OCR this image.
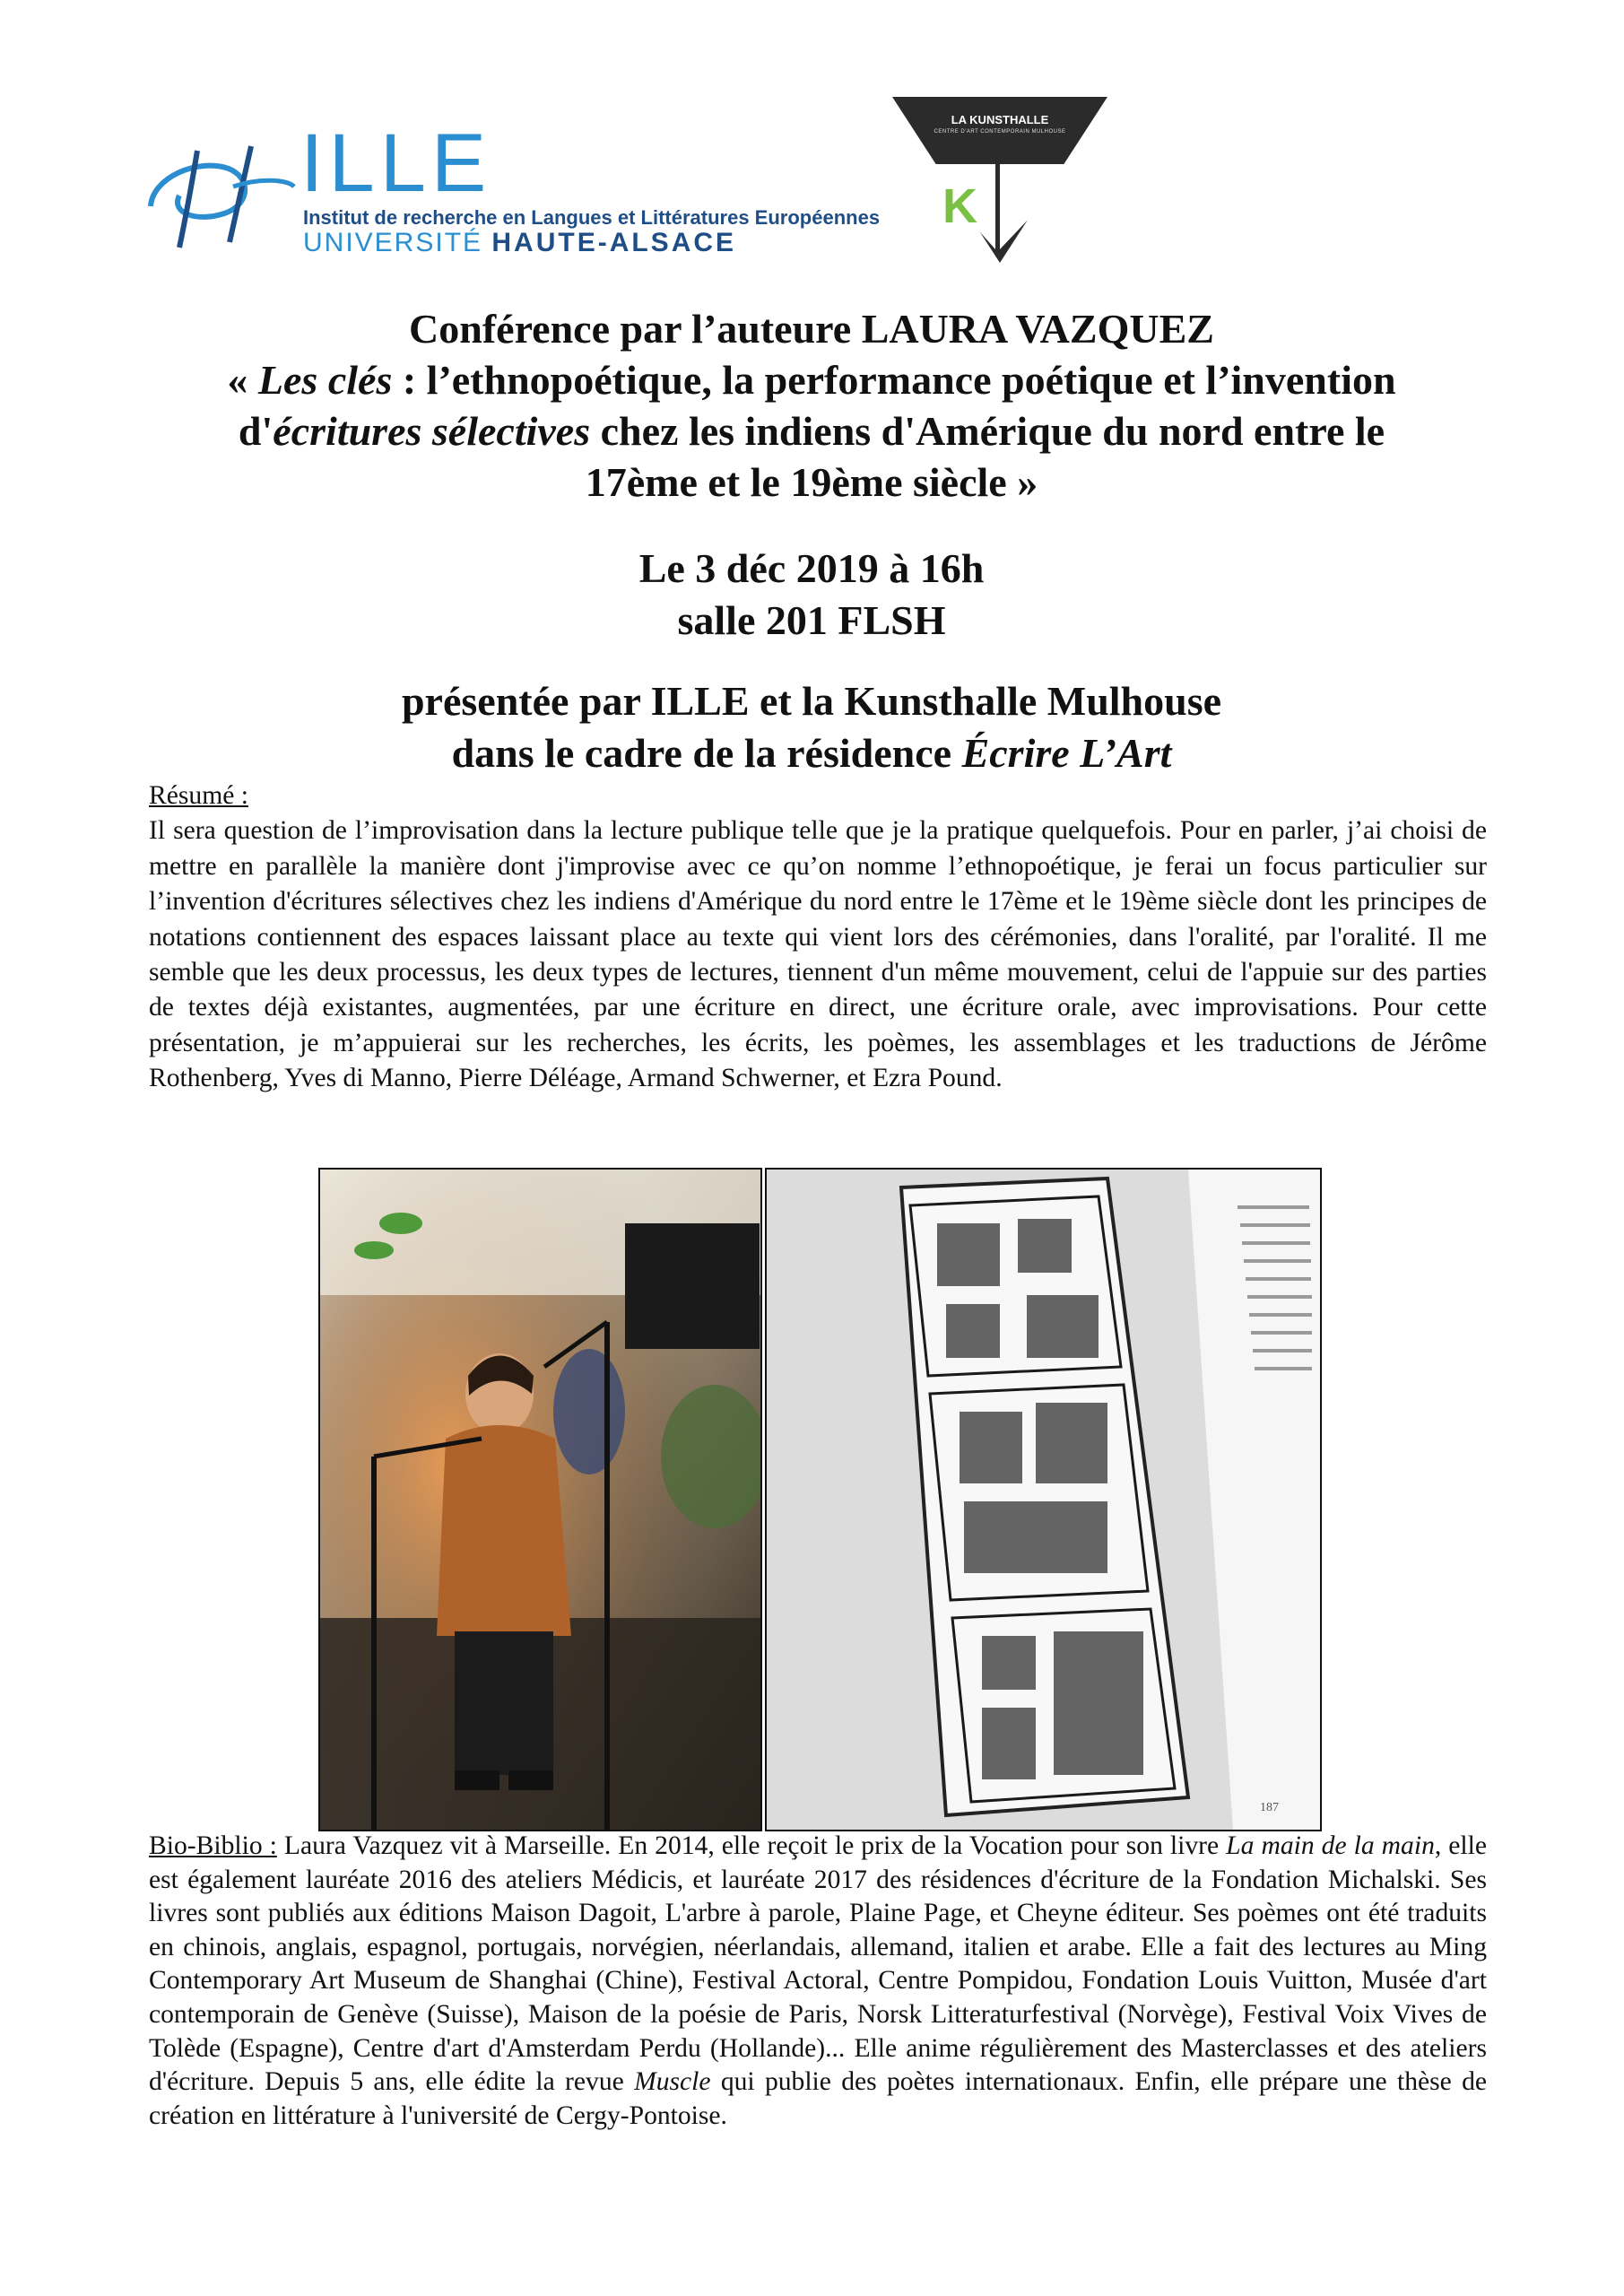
ILLE
Institut de recherche en Langues et Littératures Européennes
UNIVERSITÉ HAUTE-ALSACE
K
LA KUNSTHALLE
CENTRE D'ART CONTEMPORAIN MULHOUSE

Conférence par l’auteure LAURA VAZQUEZ

« Les clés : l’ethnopoétique, la performance poétique et l’invention

d'écritures sélectives chez les indiens d'Amérique du nord entre le

17ème et le 19ème siècle »

Le 3 déc 2019 à 16h

salle 201 FLSH

présentée par ILLE et la Kunsthalle Mulhouse

dans le cadre de la résidence Écrire L’Art

Résumé :

Il sera question de l’improvisation dans la lecture publique telle que je la pratique quelquefois. Pour en parler, j’ai choisi de mettre en parallèle la manière dont j'improvise avec ce qu’on nomme l’ethnopoétique, je ferai un focus particulier sur l’invention d'écritures sélectives chez les indiens d'Amérique du nord entre le 17ème et le 19ème siècle dont les principes de notations contiennent des espaces laissant place au texte qui vient lors des cérémonies, dans l'oralité, par l'oralité. Il me semble que les deux processus, les deux types de lectures, tiennent d'un même mouvement, celui de l'appuie sur des parties de textes déjà existantes, augmentées, par une écriture en direct, une écriture orale, avec improvisations. Pour cette présentation, je m’appuierai sur les recherches, les écrits, les poèmes, les assemblages et les traductions de Jérôme Rothenberg, Yves di Manno, Pierre Déléage, Armand Schwerner, et Ezra Pound.

187

Bio-Biblio : Laura Vazquez vit à Marseille. En 2014, elle reçoit le prix de la Vocation pour son livre La main de la main, elle est également lauréate 2016 des ateliers Médicis, et lauréate 2017 des résidences d'écriture de la Fondation Michalski. Ses livres sont publiés aux éditions Maison Dagoit, L'arbre à parole, Plaine Page, et Cheyne éditeur. Ses poèmes ont été traduits en chinois, anglais, espagnol, portugais, norvégien, néerlandais, allemand, italien et arabe. Elle a fait des lectures au Ming Contemporary Art Museum de Shanghai (Chine), Festival Actoral, Centre Pompidou, Fondation Louis Vuitton, Musée d'art contemporain de Genève (Suisse), Maison de la poésie de Paris, Norsk Litteraturfestival (Norvège), Festival Voix Vives de Tolède (Espagne), Centre d'art d'Amsterdam Perdu (Hollande)... Elle anime régulièrement des Masterclasses et des ateliers d'écriture. Depuis 5 ans, elle édite la revue Muscle qui publie des poètes internationaux. Enfin, elle prépare une thèse de création en littérature à l'université de Cergy-Pontoise.
